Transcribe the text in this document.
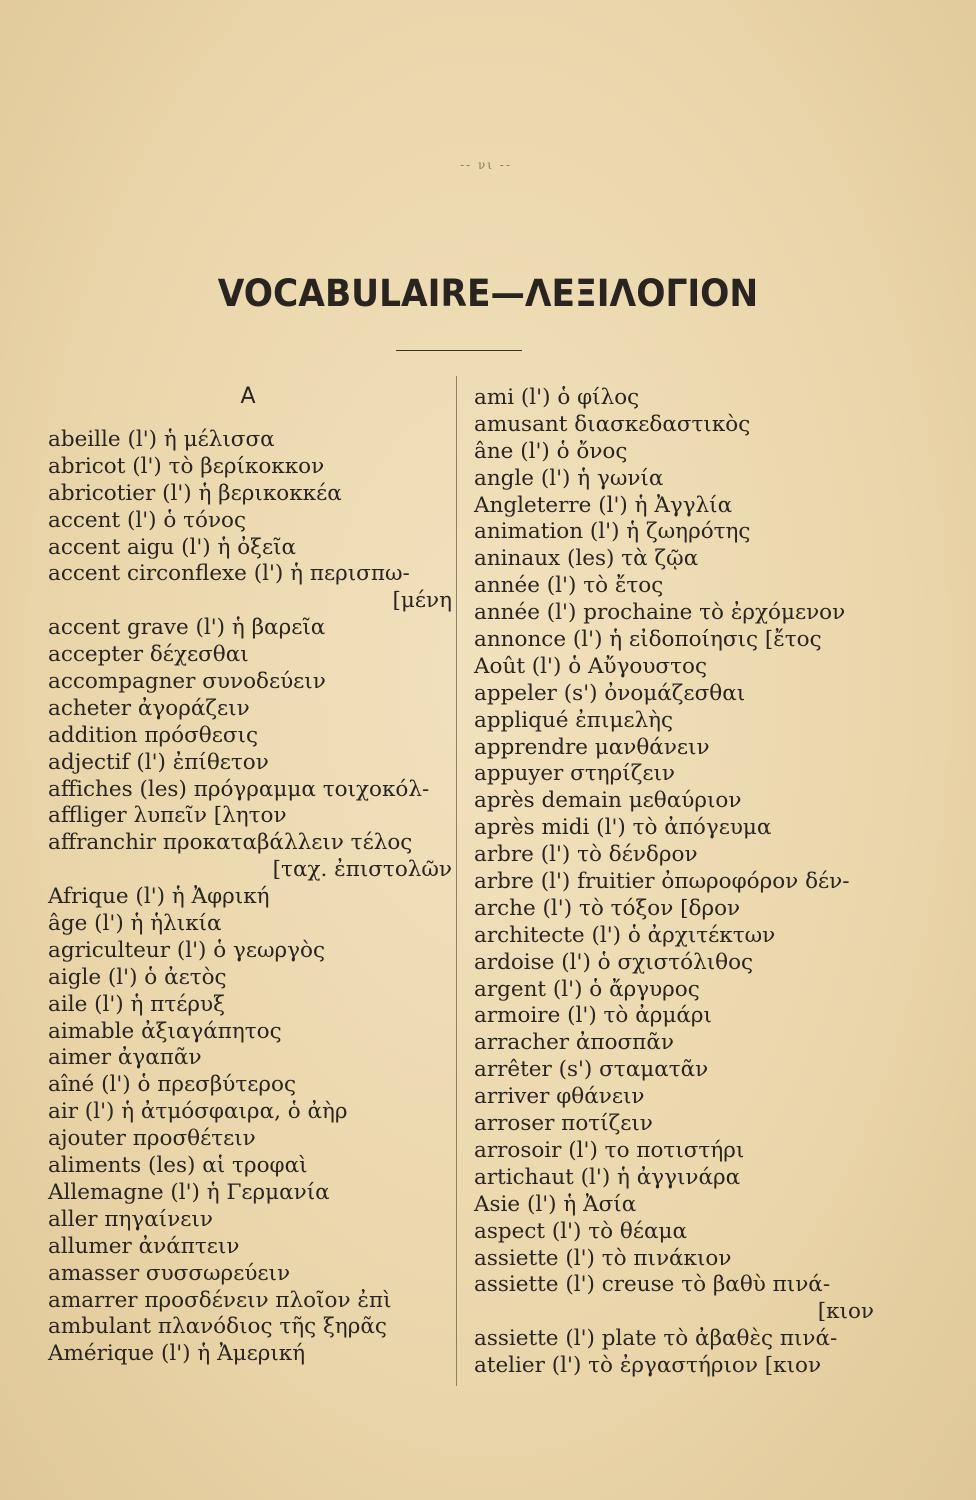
-- νι --
VOCABULAIRE—ΛΕΞΙΛΟΓΙΟΝ
A
abeille (l') ἡ μέλισσα
abricot (l') τὸ βερίκοκκον
abricotier (l') ἡ βερικοκκέα
accent (l') ὁ τόνος
accent aigu (l') ἡ ὀξεῖα
accent circonflexe (l') ἡ περισπω-
[μένη
accent grave (l') ἡ βαρεῖα
accepter δέχεσθαι
accompagner συνοδεύειν
acheter ἀγοράζειν
addition πρόσθεσις
adjectif (l') ἐπίθετον
affiches (les) πρόγραμμα τοιχοκόλ-
affliger λυπεῖν [λητον
affranchir προκαταβάλλειν τέλος
[ταχ. ἐπιστολῶν
Afrique (l') ἡ Ἀφρική
âge (l') ἡ ἡλικία
agriculteur (l') ὁ γεωργὸς
aigle (l') ὁ ἀετὸς
aile (l') ἡ πτέρυξ
aimable ἀξιαγάπητος
aimer ἀγαπᾶν
aîné (l') ὁ πρεσβύτερος
air (l') ἡ ἀτμόσφαιρα, ὁ ἀὴρ
ajouter προσθέτειν
aliments (les) αἱ τροφαὶ
Allemagne (l') ἡ Γερμανία
aller πηγαίνειν
allumer ἀνάπτειν
amasser συσσωρεύειν
amarrer προσδένειν πλοῖον ἐπὶ
ambulant πλανόδιος τῆς ξηρᾶς
Amérique (l') ἡ Ἀμερική
ami (l') ὁ φίλος
amusant διασκεδαστικὸς
âne (l') ὁ ὄνος
angle (l') ἡ γωνία
Angleterre (l') ἡ Ἀγγλία
animation (l') ἡ ζωηρότης
aninaux (les) τὰ ζῷα
année (l') τὸ ἔτος
année (l') prochaine τὸ ἐρχόμενον
annonce (l') ἡ εἰδοποίησις [ἔτος
Août (l') ὁ Αὔγουστος
appeler (s') ὀνομάζεσθαι
appliqué ἐπιμελὴς
apprendre μανθάνειν
appuyer στηρίζειν
après demain μεθαύριον
après midi (l') τὸ ἀπόγευμα
arbre (l') τὸ δένδρον
arbre (l') fruitier ὀπωροφόρον δέν-
arche (l') τὸ τόξον [δρον
architecte (l') ὁ ἀρχιτέκτων
ardoise (l') ὁ σχιστόλιθος
argent (l') ὁ ἄργυρος
armoire (l') τὸ ἀρμάρι
arracher ἀποσπᾶν
arrêter (s') σταματᾶν
arriver φθάνειν
arroser ποτίζειν
arrosoir (l') το ποτιστήρι
artichaut (l') ἡ ἀγγινάρα
Asie (l') ἡ Ἀσία
aspect (l') τὸ θέαμα
assiette (l') τὸ πινάκιον
assiette (l') creuse τὸ βαθὺ πινά-
[κιον
assiette (l') plate τὸ ἀβαθὲς πινά-
atelier (l') τὸ ἐργαστήριον [κιον
